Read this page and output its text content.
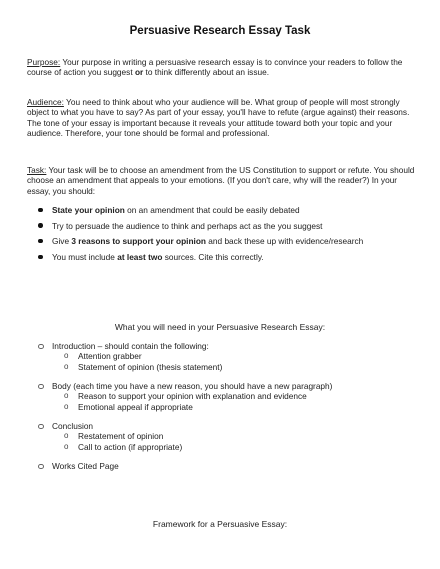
Persuasive Research Essay Task
Purpose: Your purpose in writing a persuasive research essay is to convince your readers to follow the course of action you suggest or to think differently about an issue.
Audience: You need to think about who your audience will be. What group of people will most strongly object to what you have to say? As part of your essay, you'll have to refute (argue against) their reasons. The tone of your essay is important because it reveals your attitude toward both your topic and your audience. Therefore, your tone should be formal and professional.
Task: Your task will be to choose an amendment from the US Constitution to support or refute. You should choose an amendment that appeals to your emotions. (If you don't care, why will the reader?) In your essay, you should:
State your opinion on an amendment that could be easily debated
Try to persuade the audience to think and perhaps act as the you suggest
Give 3 reasons to support your opinion and back these up with evidence/research
You must include at least two sources. Cite this correctly.
What you will need in your Persuasive Research Essay:
Introduction – should contain the following:
o Attention grabber
o Statement of opinion (thesis statement)
Body (each time you have a new reason, you should have a new paragraph)
o Reason to support your opinion with explanation and evidence
o Emotional appeal if appropriate
Conclusion
o Restatement of opinion
o Call to action (if appropriate)
Works Cited Page
Framework for a Persuasive Essay:
